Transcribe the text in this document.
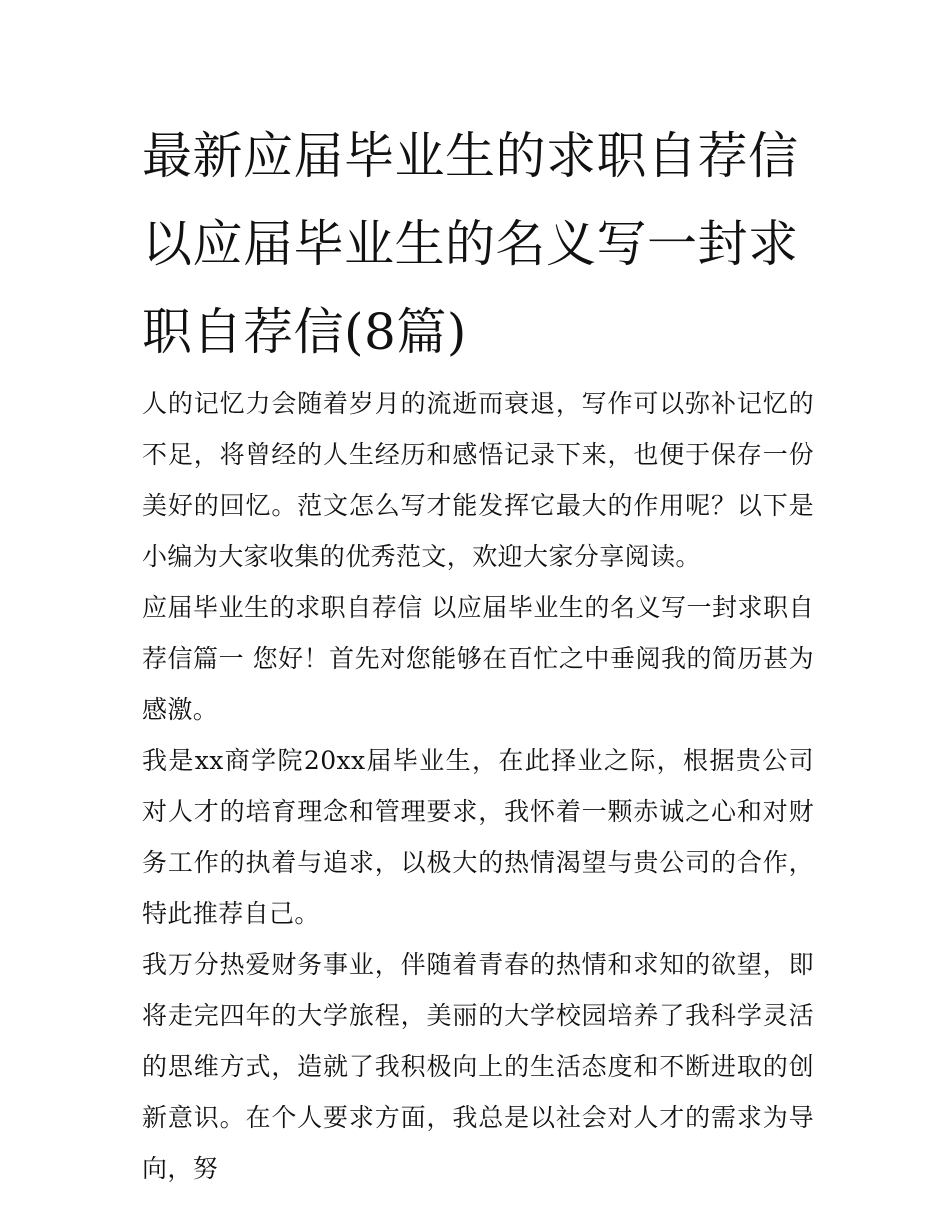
最新应届毕业生的求职自荐信 以应届毕业生的名义写一封求职自荐信(8篇)

人的记忆力会随着岁月的流逝而衰退，写作可以弥补记忆的不足，将曾经的人生经历和感悟记录下来，也便于保存一份美好的回忆。范文怎么写才能发挥它最大的作用呢？以下是小编为大家收集的优秀范文，欢迎大家分享阅读。

应届毕业生的求职自荐信 以应届毕业生的名义写一封求职自荐信篇一 您好！首先对您能够在百忙之中垂阅我的简历甚为感激。

我是xx商学院20xx届毕业生，在此择业之际，根据贵公司对人才的培育理念和管理要求，我怀着一颗赤诚之心和对财务工作的执着与追求，以极大的热情渴望与贵公司的合作，特此推荐自己。

我万分热爱财务事业，伴随着青春的热情和求知的欲望，即将走完四年的大学旅程，美丽的大学校园培养了我科学灵活的思维方式，造就了我积极向上的生活态度和不断进取的创新意识。在个人要求方面，我总是以社会对人才的需求为导向，努
